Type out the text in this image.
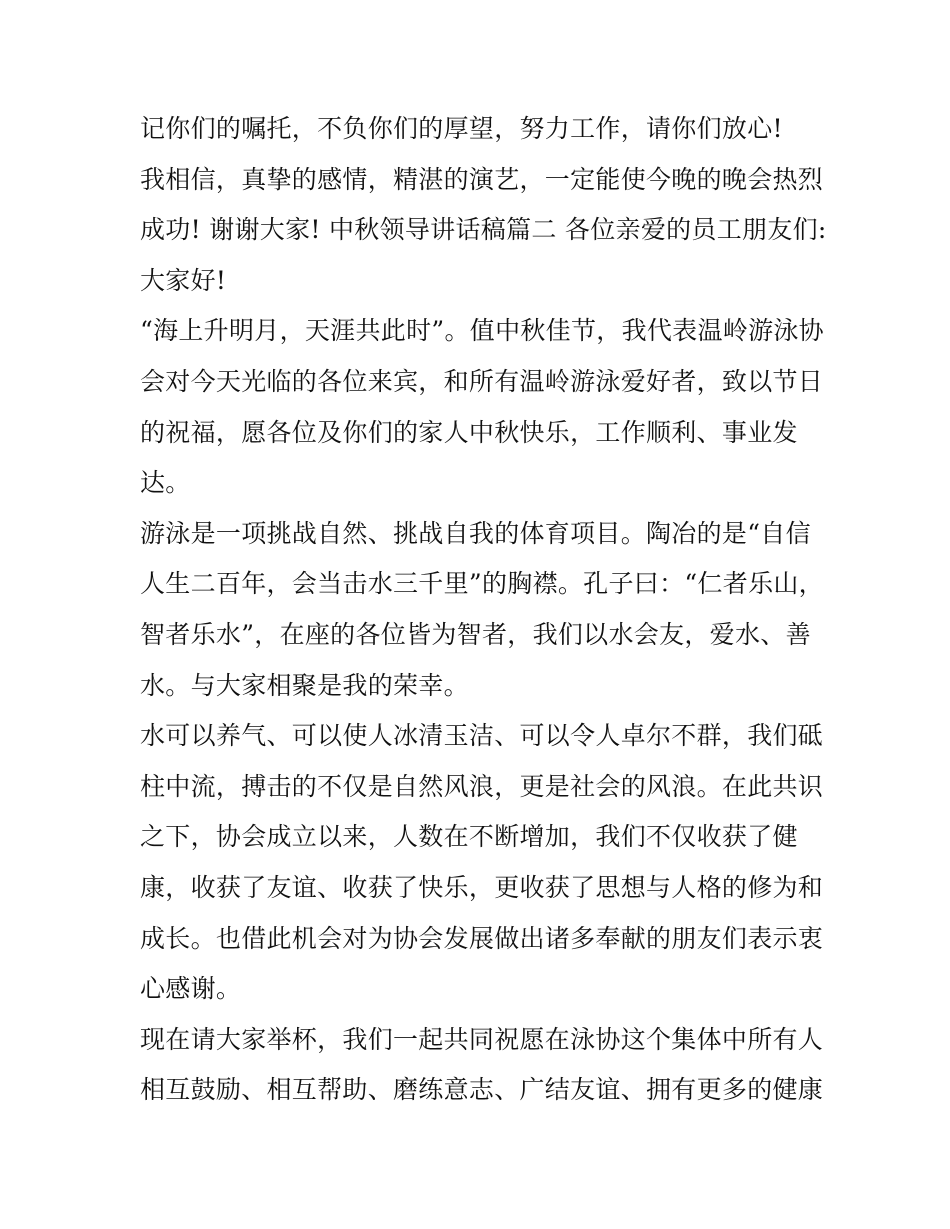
记你们的嘱托，不负你们的厚望，努力工作，请你们放心!
我相信，真挚的感情，精湛的演艺，一定能使今晚的晚会热烈
成功! 谢谢大家! 中秋领导讲话稿篇二 各位亲爱的员工朋友们:
大家好!
“海上升明月，天涯共此时”。值中秋佳节，我代表温岭游泳协
会对今天光临的各位来宾，和所有温岭游泳爱好者，致以节日
的祝福，愿各位及你们的家人中秋快乐，工作顺利、事业发
达。
游泳是一项挑战自然、挑战自我的体育项目。陶冶的是“自信
人生二百年，会当击水三千里”的胸襟。孔子曰：“仁者乐山，
智者乐水”，在座的各位皆为智者，我们以水会友，爱水、善
水。与大家相聚是我的荣幸。
水可以养气、可以使人冰清玉洁、可以令人卓尔不群，我们砥
柱中流，搏击的不仅是自然风浪，更是社会的风浪。在此共识
之下，协会成立以来，人数在不断增加，我们不仅收获了健
康，收获了友谊、收获了快乐，更收获了思想与人格的修为和
成长。也借此机会对为协会发展做出诸多奉献的朋友们表示衷
心感谢。
现在请大家举杯，我们一起共同祝愿在泳协这个集体中所有人
相互鼓励、相互帮助、磨练意志、广结友谊、拥有更多的健康
